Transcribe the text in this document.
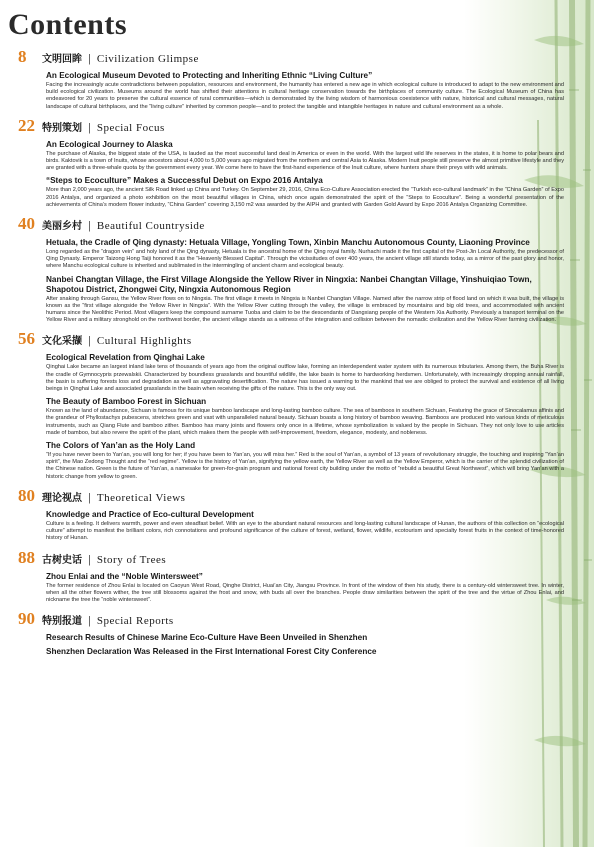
Contents
8	文明回眸 | Civilization Glimpse
An Ecological Museum Devoted to Protecting and Inheriting Ethnic “Living Culture”
Facing the increasingly acute contradictions between population, resources and environment, the humanity has entered a new age in which ecological culture is introduced to adapt to the new environment and build ecological civilization. Museums around the world has shifted their attentions in cultural heritage conservation towards the birthplaces of community culture. The Ecological Museum of China has endeavored for 20 years to preserve the cultural essence of rural communities—which is demonstrated by the living wisdom of harmonious coexistence with nature, historical and cultural messages, natural landscape of cultural birthplaces, and the “living culture” inherited by common people—and to protect the tangible and intangible heritages in nature and cultural environment as a whole.
22 特别策划 | Special Focus
An Ecological Journey to Alaska
The purchase of Alaska, the biggest state of the USA, is lauded as the most successful land deal in America or even in the world. With the largest wild life reserves in the states, it is home to polar bears and birds. Kaktovik is a town of Inuits, whose ancestors about 4,000 to 5,000 years ago migrated from the northern and central Asia to Alaska. Modern Inuit people still preserve the almost primitive lifestyle and they are granted with a three-whale quota by the government every year. We come here to have the first-hand experience of the Inuit culture, where hunters share their preys with wild animals.
“Steps to Ecoculture” Makes a Successful Debut on Expo 2016 Antalya
More than 2,000 years ago, the ancient Silk Road linked up China and Turkey. On September 29, 2016, China Eco-Culture Association erected the “Turkish eco-cultural landmark” in the “China Garden” of Expo 2016 Antalya, and organized a photo exhibition on the most beautiful villages in China, which once again demonstrated the spirit of the “Steps to Ecoculture”. Being a wonderful presentation of the achievements of China’s modern flower industry, “China Garden” covering 3,150 m2 was awarded by the AIPH and granted with Garden Gold Award by Expo 2016 Antalya Organizing Committee.
40 美丽乡村 | Beautiful Countryside
Hetuala, the Cradle of Qing dynasty: Hetuala Village, Yongling Town, Xinbin Manchu Autonomous County, Liaoning Province
Long regarded as the “dragon vein” and holy land of the Qing dynasty, Hetuala is the ancestral home of the Qing royal family. Nurhachi made it the first capital of the Post-Jin Local Authority, the predecessor of Qing Dynasty. Emperor Taizong Hong Taiji honored it as the “Heavenly Blessed Capital”. Through the vicissitudes of over 400 years, the ancient village still stands today, as a mirror of the past glory and honor, where Manchu ecological culture is inherited and sublimated in the intermingling of ancient charm and ecological beauty.
Nanbei Changtan Village, the First Village Alongside the Yellow River in Ningxia: Nanbei Changtan Village, Yinshuiqiao Town, Shapotou District, Zhongwei City, Ningxia Autonomous Region
After snaking through Gansu, the Yellow River flows on to Ningxia. The first village it meets in Ningxia is Nanbei Changtan Village. Named after the narrow strip of flood land on which it was built, the village is known as the “first village alongside the Yellow River in Ningxia”. With the Yellow River cutting through the valley, the village is embraced by mountains and big old trees, and accommodated with ancient humans since the Neolithic Period. Most villagers keep the compound surname Tuoba and claim to be the descendants of Dangxiang people of the Western Xia Authority. Previously a transport terminal on the Yellow River and a military stronghold on the northwest border, the ancient village stands as a witness of the integration and collision between the nomadic civilization and the Yellow River farming civilization.
56 文化采撷 | Cultural Highlights
Ecological Revelation from Qinghai Lake
Qinghai Lake became an largest inland lake tens of thousands of years ago from the original outflow lake, forming an interdependent water system with its numerous tributaries. Among them, the Buha River is the cradle of Gymnocypris przewalskii. Characterized by boundless grasslands and bountiful wildlife, the lake basin is home to hardworking herdsmen. Unfortunately, with increasingly dropping annual rainfall, the basin is suffering forests loss and degradation as well as aggravating desertification. The nature has issued a warning to the mankind that we are obliged to protect the survival and existence of all living beings in Qinghai Lake and associated grasslands in the basin when receiving the gifts of the nature. This is the only way out.
The Beauty of Bamboo Forest in Sichuan
Known as the land of abundance, Sichuan is famous for its unique bamboo landscape and long-lasting bamboo culture. The sea of bamboos in southern Sichuan, Featuring the grace of Sinocalamus affinis and the grandeur of Phyllostachys pubescens, stretches green and vast with unparalleled natural beauty. Sichuan boasts a long history of bamboo weaving. Bamboos are produced into various kinds of meticulous instruments, such as Qiang Flute and bamboo zither. Bamboo has many joints and flowers only once in a lifetime, whose symbolization is valued by the people in Sichuan. They not only love to use articles made of bamboo, but also revere the spirit of the plant, which makes them the people with self-improvement, freedom, elegance, modesty, and nobleness.
The Colors of Yan’an as the Holy Land
“If you have never been to Yan’an, you will long for her; if you have been to Yan’an, you will miss her.” Red is the soul of Yan’an, a symbol of 13 years of revolutionary struggle, the touching and inspiring “Yan’an spirit”, the Mao Zedong Thought and the “red regime”. Yellow is the history of Yan’an, signifying the yellow earth, the Yellow River as well as the Yellow Emperor, which is the carrier of the splendid civilization of the Chinese nation. Green is the future of Yan’an, a namesake for green-for-grain program and national forest city building under the motto of “rebuild a beautiful Great Northwest”, which will bring Yan’an with a historic change from yellow to green.
80 理论视点 | Theoretical Views
Knowledge and Practice of Eco-cultural Development
Culture is a feeling. It delivers warmth, power and even steadfast belief. With an eye to the abundant natural resources and long-lasting cultural landscape of Hunan, the authors of this collection on “ecological culture” attempt to manifest the brilliant colors, rich connotations and profound significance of the culture of forest, wetland, flower, wildlife, ecotourism and specialty forest fruits in the context of time-honored history of Hunan.
88 古树史话 | Story of Trees
Zhou Enlai and the “Noble Wintersweet”
The former residence of Zhou Enlai is located on Caoyun West Road, Qinghe District, Huai’an City, Jiangsu Province. In front of the window of then his study, there is a century-old wintersweet tree. In winter, when all the other flowers wither, the tree still blossoms against the frost and snow, with buds all over the branches. People draw similarities between the spirit of the tree and the virtue of Zhou Enlai, and nickname the tree the “noble wintersweet”.
90 特别报道 | Special Reports
Research Results of Chinese Marine Eco-Culture Have Been Unveiled in Shenzhen
Shenzhen Declaration Was Released in the First International Forest City Conference
